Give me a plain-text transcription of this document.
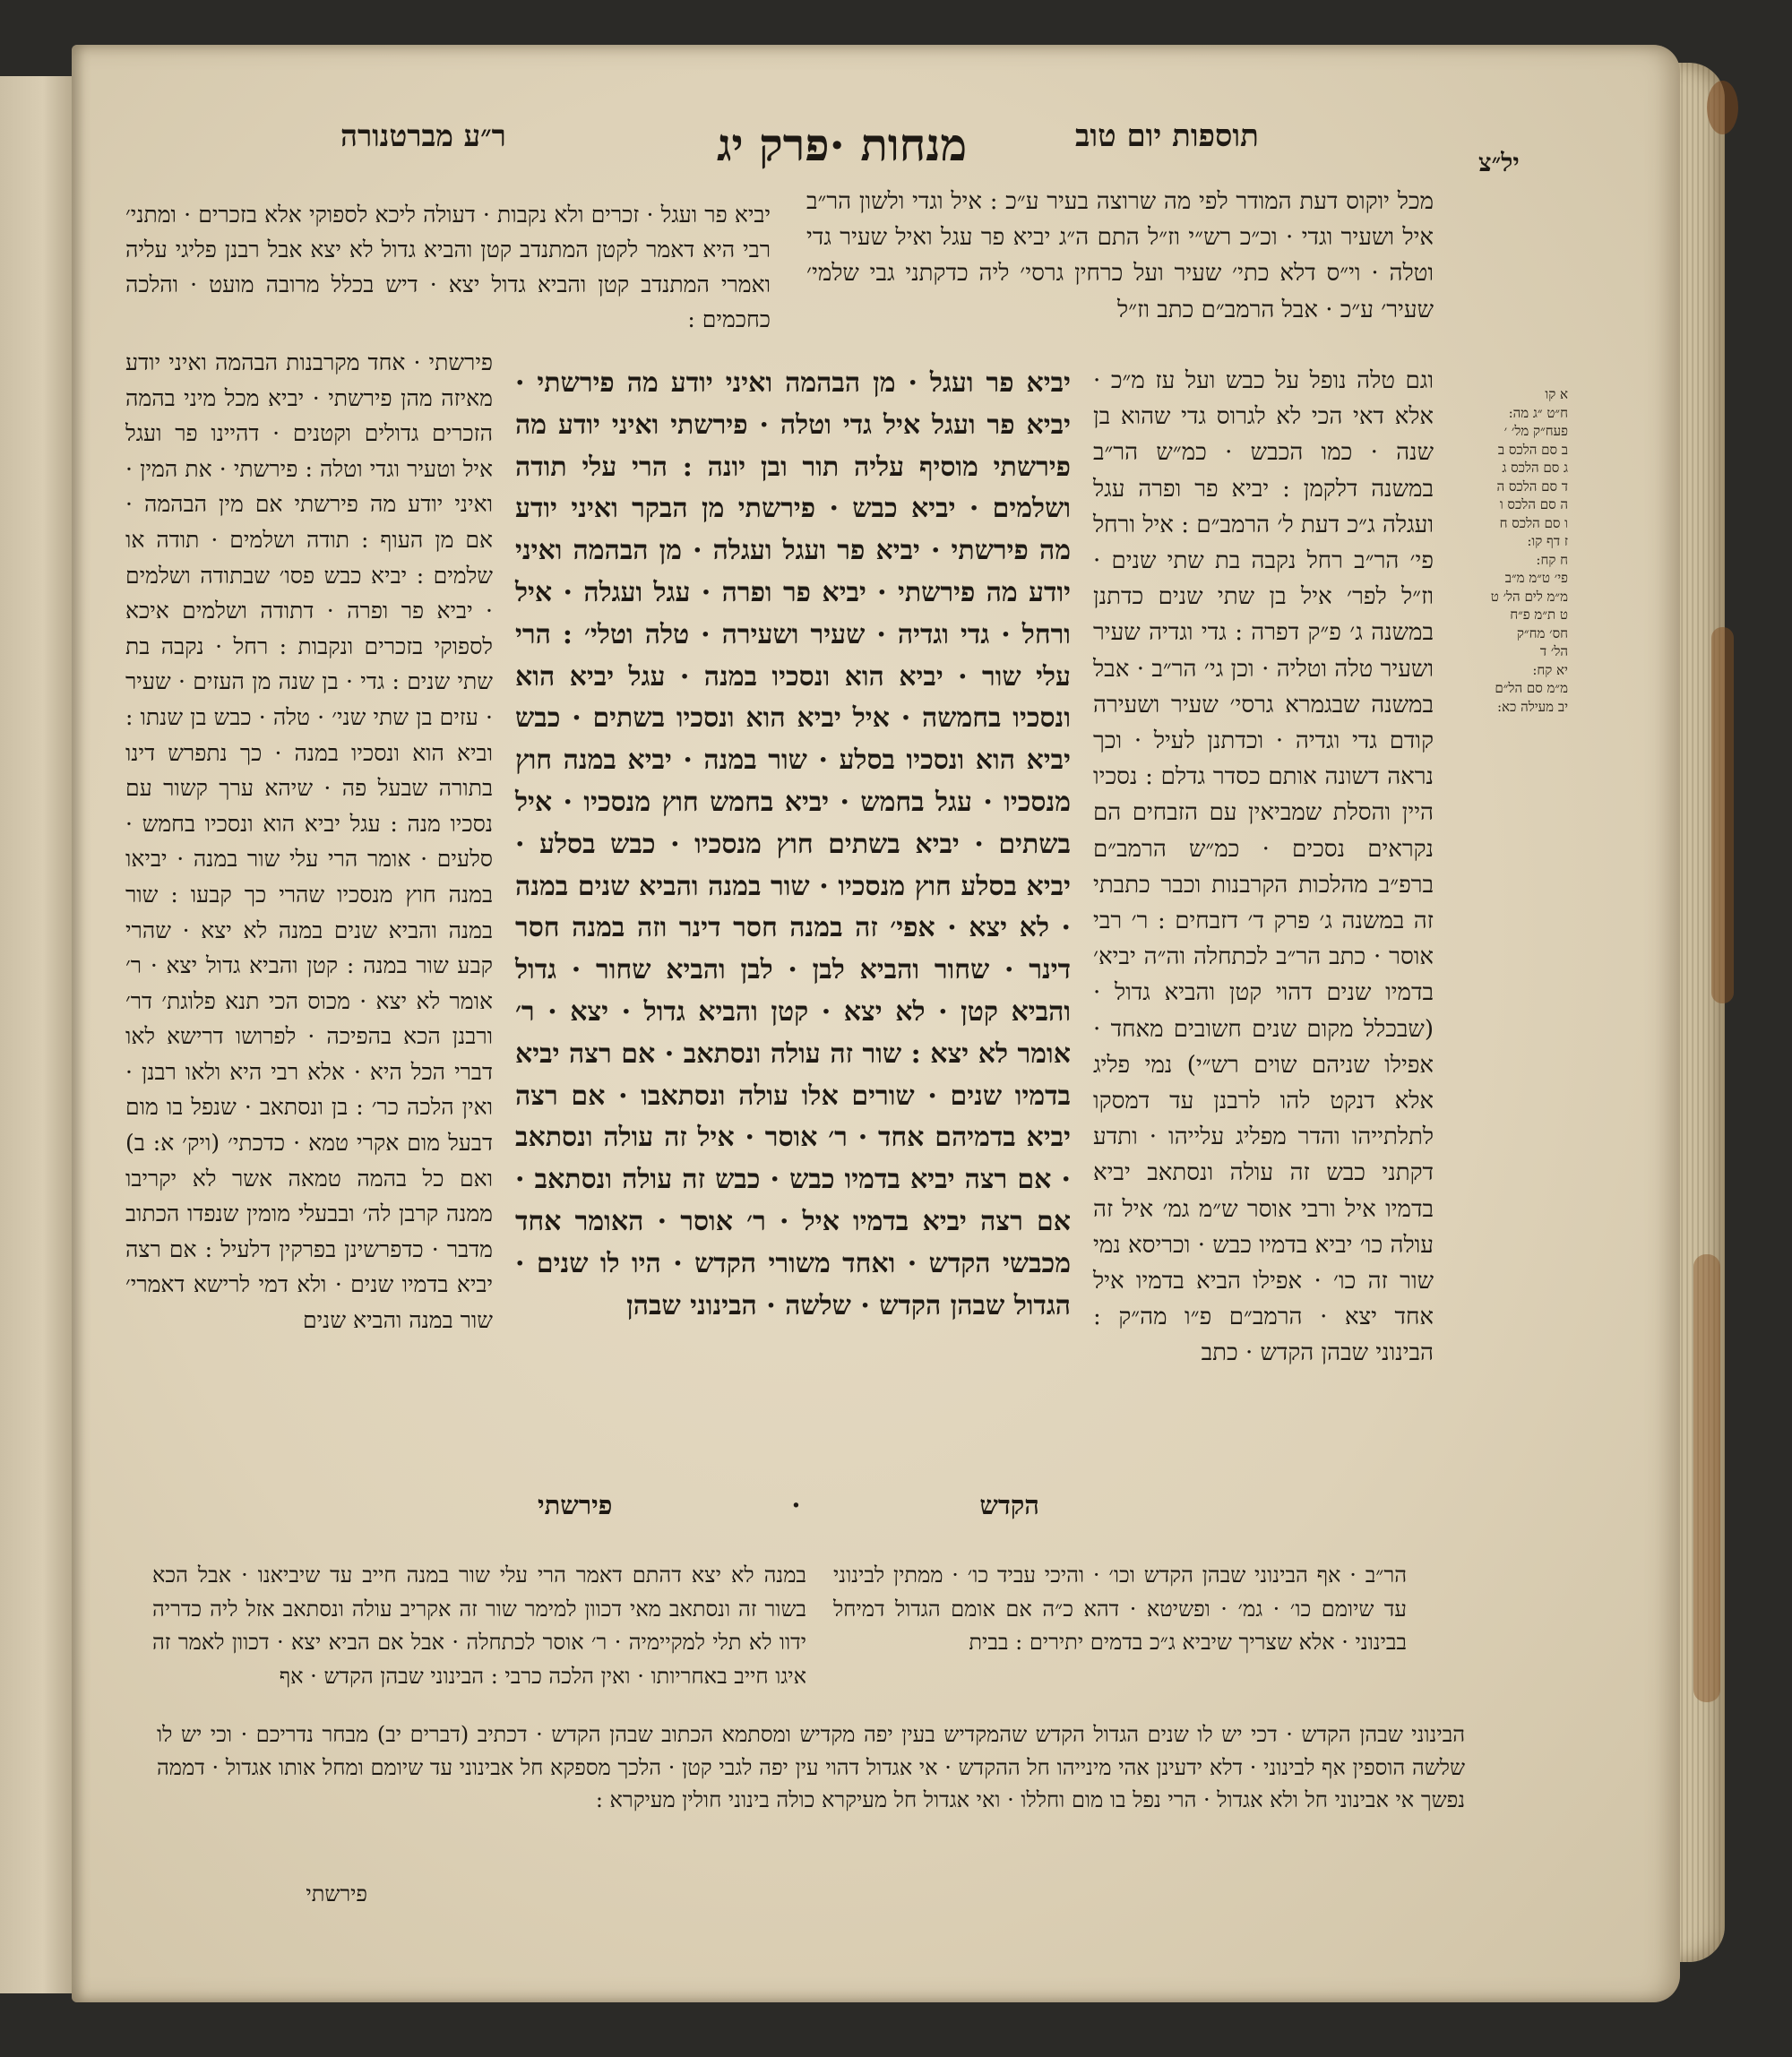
ר״ע מברטנורה	מנחות ·פרק יג	תוספות יום טוב
יל״צ
יביא פר ועגל · זכרים ולא נקבות · דעולה ליכא לספוקי אלא בזכרים · ומתני׳ רבי היא דאמר לקטן המתנדב קטן והביא גדול לא יצא אבל רבנן פליגי עליה ואמרי המתנדב קטן והביא גדול יצא · דיש בכלל מרובה מועט · והלכה כחכמים :
פירשתי · אחד מקרבנות הבהמה ואיני יודע מאיזה מהן פירשתי · יביא מכל מיני בהמה הזכרים גדולים וקטנים · דהיינו פר ועגל איל וטעיר וגדי וטלה : פירשתי · את המין · ואיני יודע מה פירשתי אם מין הבהמה · אם מן העוף : תודה ושלמים · תודה או שלמים : יביא כבש פסו׳ שבתודה ושלמים · יביא פר ופרה · דתודה ושלמים איכא לספוקי בזכרים ונקבות : רחל · נקבה בת שתי שנים : גדי · בן שנה מן העזים · שעיר · עזים בן שתי שני׳ · טלה · כבש בן שנתו : וביא הוא ונסכיו במנה · כך נתפרש דינו בתורה שבעל פה · שיהא ערך קשור עם נסכיו מנה : עגל יביא הוא ונסכיו בחמש · סלעים · אומר הרי עלי שור במנה · יביאו במנה חוץ מנסכיו שהרי כך קבעו : שור במנה והביא שנים במנה לא יצא · שהרי קבע שור במנה : קטן והביא גדול יצא · ר׳ אומר לא יצא · מכוס הכי תנא פלוגת׳ דר׳ ורבנן הכא בהפיכה · לפרושו דרישא לאו דברי הכל היא · אלא רבי היא ולאו רבנן · ואין הלכה כר׳ : בן ונסתאב · שנפל בו מום דבעל מום אקרי טמא · כדכתי׳ (ויק׳ א: ב) ואם כל בהמה טמאה אשר לא יקריבו ממנה קרבן לה׳ ובבעלי מומין שנפדו הכתוב מדבר · כדפרשינן בפרקין דלעיל : אם רצה יביא בדמיו שנים · ולא דמי לרישא דאמרי׳ שור במנה והביא שנים
יביא פר ועגל · מן הבהמה ואיני יודע מה פירשתי · יביא פר ועגל איל גדי וטלה · פירשתי ואיני יודע מה פירשתי מוסיף עליה תור ובן יונה : הרי עלי תודה ושלמים · יביא כבש · פירשתי מן הבקר ואיני יודע מה פירשתי · יביא פר ועגל ועגלה · מן הבהמה ואיני יודע מה פירשתי · יביא פר ופרה · עגל ועגלה · איל ורחל · גדי וגדיה · שעיר ושעירה · טלה וטלי׳ : הרי עלי שור · יביא הוא ונסכיו במנה · עגל יביא הוא ונסכיו בחמשה · איל יביא הוא ונסכיו בשתים · כבש יביא הוא ונסכיו בסלע · שור במנה · יביא במנה חוץ מנסכיו · עגל בחמש · יביא בחמש חוץ מנסכיו · איל בשתים · יביא בשתים חוץ מנסכיו · כבש בסלע · יביא בסלע חוץ מנסכיו · שור במנה והביא שנים במנה · לא יצא · אפי׳ זה במנה חסר דינר וזה במנה חסר דינר · שחור והביא לבן · לבן והביא שחור · גדול והביא קטן · לא יצא · קטן והביא גדול · יצא · ר׳ אומר לא יצא : שור זה עולה ונסתאב · אם רצה יביא בדמיו שנים · שורים אלו עולה ונסתאבו · אם רצה יביא בדמיהם אחד · ר׳ אוסר · איל זה עולה ונסתאב · אם רצה יביא בדמיו כבש · כבש זה עולה ונסתאב · אם רצה יביא בדמיו איל · ר׳ אוסר · האומר אחד מכבשי הקדש · ואחד משורי הקדש · היו לו שנים · הגדול שבהן הקדש · שלשה · הבינוני שבהן
הקדש · פירשתי
מכל יוקוס דעת המודר לפי מה שרוצה בעיר ע״כ : איל וגדי ולשון הר״ב איל ושעיר וגדי · וכ״כ רש״י וז״ל התם ה״ג יביא פר עגל ואיל שעיר גדי וטלה · וי״ס דלא כתי׳ שעיר ועל כרחין גרסי׳ ליה כדקתני גבי שלמי׳ שעיר׳ ע״כ · אבל הרמב״ם כתב וז״ל
וגם טלה נופל על כבש ועל עז מ״כ · אלא דאי הכי לא לגרוס גדי שהוא בן שנה · כמו הכבש · כמ״ש הר״ב במשנה דלקמן : יביא פר ופרה עגל ועגלה ג״כ דעת ל׳ הרמב״ם : איל ורחל פי׳ הר״ב רחל נקבה בת שתי שנים · וז״ל לפר׳ איל בן שתי שנים כדתנן במשנה ג׳ פ״ק דפרה : גדי וגדיה שעיר ושעיר טלה וטליה · וכן גי׳ הר״ב · אבל במשנה שבגמרא גרסי׳ שעיר ושעירה קודם גדי וגדיה · וכדתנן לעיל · וכך נראה דשונה אותם כסדר גדלם : נסכיו היין והסלת שמביאין עם הזבחים הם נקראים נסכים · כמ״ש הרמב״ם ברפ״ב מהלכות הקרבנות וכבר כתבתי זה במשנה ג׳ פרק ד׳ דזבחים : ר׳ רבי אוסר · כתב הר״ב לכתחלה וה״ה יביא׳ בדמיו שנים דהוי קטן והביא גדול · (שבכלל מקום שנים חשובים מאחד · אפילו שניהם שוים רש״י) נמי פליג אלא דנקט להו לרבנן עד דמסקו לתלתייהו והדר מפליג עלייהו · ותדע דקתני כבש זה עולה ונסתאב יביא בדמיו איל ורבי אוסר ש״מ גמ׳ איל זה עולה כו׳ יביא בדמיו כבש · וכריסא נמי שור זה כו׳ · אפילו הביא בדמיו איל אחד יצא · הרמב״ם פ״ו מה״ק : הבינוני שבהן הקדש · כתב
במנה לא יצא דהתם דאמר הרי עלי שור במנה חייב עד שיביאנו · אבל הכא בשור זה ונסתאב מאי דכוון למימר שור זה אקריב עולה ונסתאב אזל ליה כדריה ידוו לא תלי למקיימיה · ר׳ אוסר לכתחלה · אבל אם הביא יצא · דכוון לאמר זה איגו חייב באחריותו · ואין הלכה כרבי : הבינוני שבהן הקדש · אף
הר״ב · אף הבינוני שבהן הקדש וכו׳ · והיכי עביד כו׳ · ממתין לבינוני עד שיומם כו׳ · גמ׳ · ופשיטא · דהא כ״ה אם אומם הגדול דמיחל בבינוני · אלא שצריך שיביא ג״כ בדמים יתירים : בבית
הבינוני שבהן הקדש · דכי יש לו שנים הגדול הקדש שהמקדיש בעין יפה מקדיש ומסתמא הכתוב שבהן הקדש · דכתיב (דברים יב) מבחר נדריכם · וכי יש לו שלשה הוספין אף לבינוני · דלא ידעינן אהי מינייהו חל ההקדש · אי אגדול דהוי עין יפה לגבי קטן · הלכך מספקא חל אבינוני עד שיומם ומחל אותו אגדול · דממה נפשך אי אבינוני חל ולא אגדול · הרי נפל בו מום וחללו · ואי אגדול חל מעיקרא כולה בינוני חולין מעיקרא :
פירשתי
א קו
ח״ט ״ג מה:
פעח״ק מל׳ ׳
ב סם הלכס ב
ג סם הלכס ג
ד סם הלכס ה
ה סם הלכס ו
ו סם הלכס ח
ז דף קו:
ח קח:
פי׳ ט״מ מ״ב
מ״מ לים הל׳ ט
ט ת״מ פ״ח
חס׳ מח״ק
הל׳ ד
יא קח:
מ״מ סם הל״ם
יב מעילה כא:
